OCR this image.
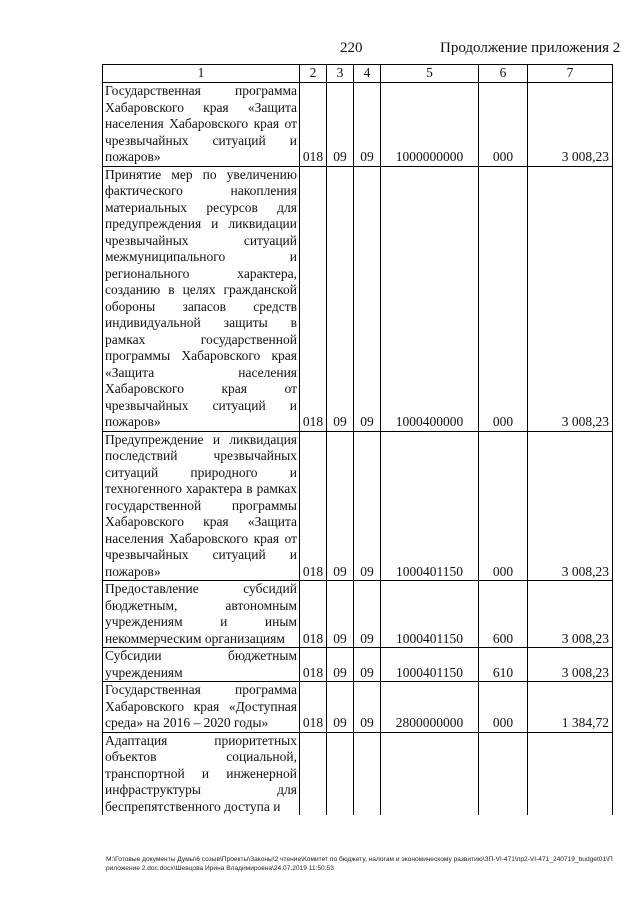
220	Продолжение приложения 2
1	2	3	4	5	6	7
Государственная программа Хабаровского края «Защита населения Хабаровского края от чрезвычайных ситуаций и пожаров»	018	09	09	1000000000	000	3 008,23
Принятие мер по увеличению фактического накопления материальных ресурсов для предупреждения и ликвидации чрезвычайных ситуаций межмуниципального и регионального характера, созданию в целях гражданской обороны запасов средств индивидуальной защиты в рамках государственной программы Хабаровского края «Защита населения Хабаровского края от чрезвычайных ситуаций и пожаров»	018	09	09	1000400000	000	3 008,23
Предупреждение и ликвидация последствий чрезвычайных ситуаций природного и техногенного характера в рамках государственной программы Хабаровского края «Защита населения Хабаровского края от чрезвычайных ситуаций и пожаров»	018	09	09	1000401150	000	3 008,23
Предоставление субсидий бюджетным, автономным учреждениям и иным некоммерческим организациям	018	09	09	1000401150	600	3 008,23
Субсидии бюджетным учреждениям	018	09	09	1000401150	610	3 008,23
Государственная программа Хабаровского края «Доступная среда» на 2016 – 2020 годы»	018	09	09	2800000000	000	1 384,72
Адаптация приоритетных объектов социальной, транспортной и инженерной инфраструктуры для беспрепятственного доступа и						
M:\Готовые документы Думы\6 созыв\Проекты\Законы\2 чтение\Комитет по бюджету, налогам и экономическому развитию\ЗП-VI-471\пр2-VI-471_240719_budget01\Приложение 2.doc.docx\Шевцова Ирина Владимировна\24.07.2019 11:50:53
